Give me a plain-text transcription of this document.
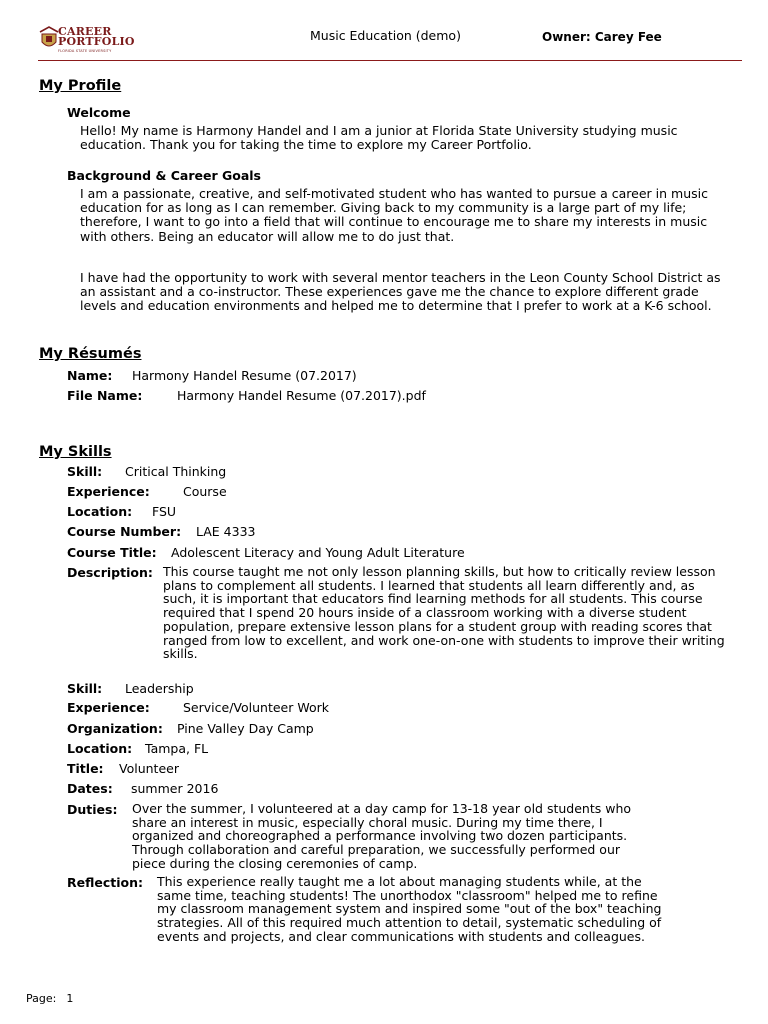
CAREER
PORTFOLIO
FLORIDA STATE UNIVERSITY
Music Education (demo)	Owner: Carey Fee
My Profile
Welcome
Hello! My name is Harmony Handel and I am a junior at Florida State University studying music education. Thank you for taking the time to explore my Career Portfolio.
Background & Career Goals
I am a passionate, creative, and self-motivated student who has wanted to pursue a career in music education for as long as I can remember. Giving back to my community is a large part of my life; therefore, I want to go into a field that will continue to encourage me to share my interests in music with others. Being an educator will allow me to do just that.
I have had the opportunity to work with several mentor teachers in the Leon County School District as an assistant and a co-instructor. These experiences gave me the chance to explore different grade levels and education environments and helped me to determine that I prefer to work at a K-6 school.
My Résumés
Name: Harmony Handel Resume (07.2017)
File Name:	Harmony Handel Resume (07.2017).pdf
My Skills
Skill: Critical Thinking
Experience:	Course
Location: FSU
Course Number: LAE 4333
Course Title: Adolescent Literacy and Young Adult Literature
Description: This course taught me not only lesson planning skills, but how to critically review lesson plans to complement all students. I learned that students all learn differently and, as such, it is important that educators find learning methods for all students. This course required that I spend 20 hours inside of a classroom working with a diverse student population, prepare extensive lesson plans for a student group with reading scores that ranged from low to excellent, and work one-on-one with students to improve their writing skills.
Skill: Leadership
Experience:	Service/Volunteer Work
Organization: Pine Valley Day Camp
Location: Tampa, FL
Title: Volunteer
Dates: summer 2016
Duties: Over the summer, I volunteered at a day camp for 13-18 year old students who share an interest in music, especially choral music. During my time there, I organized and choreographed a performance involving two dozen participants. Through collaboration and careful preparation, we successfully performed our piece during the closing ceremonies of camp.
Reflection: This experience really taught me a lot about managing students while, at the same time, teaching students! The unorthodox "classroom" helped me to refine my classroom management system and inspired some "out of the box" teaching strategies. All of this required much attention to detail, systematic scheduling of events and projects, and clear communications with students and colleagues.
Page: 1
